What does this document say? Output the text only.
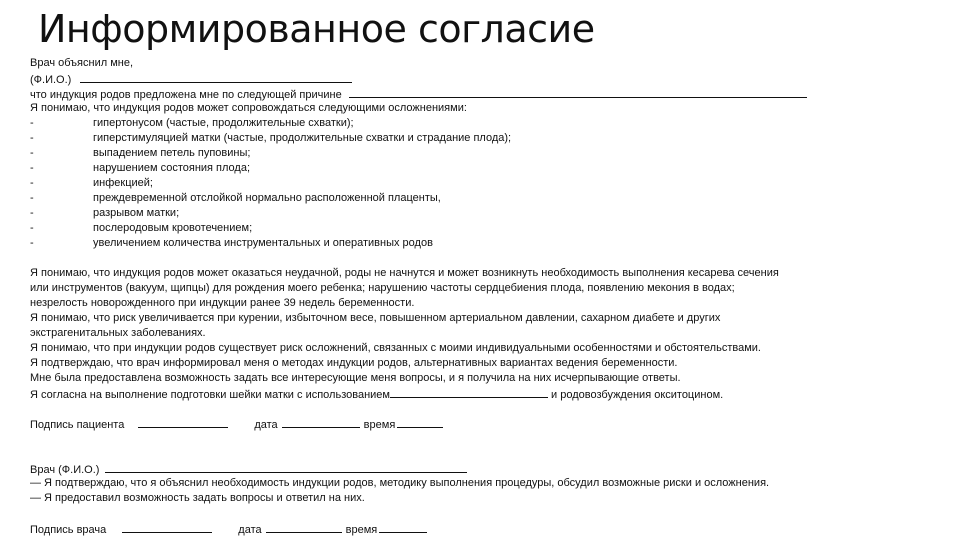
Информированное согласие
Врач объяснил мне,
(Ф.И.О.)
что индукция родов предложена мне по следующей причине
Я понимаю, что индукция родов может сопровождаться следующими осложнениями:
-	гипертонусом (частые, продолжительные схватки);
-	гиперстимуляцией матки (частые, продолжительные схватки и страдание плода);
-	выпадением петель пуповины;
-	нарушением состояния плода;
-	инфекцией;
-	преждевременной отслойкой нормально расположенной плаценты,
-	разрывом матки;
-	послеродовым кровотечением;
-	увеличением количества инструментальных и оперативных родов
Я понимаю, что индукция родов может оказаться неудачной, роды не начнутся и может возникнуть необходимость выполнения кесарева сечения
или инструментов (вакуум, щипцы) для рождения моего ребенка; нарушению частоты сердцебиения плода, появлению мекония в водах;
незрелость новорожденного при индукции ранее 39 недель беременности.
Я понимаю, что риск увеличивается при курении, избыточном весе, повышенном артериальном давлении, сахарном диабете и других
экстрагенитальных заболеваниях.
Я понимаю, что при индукции родов существует риск осложнений, связанных с моими индивидуальными особенностями и обстоятельствами.
Я подтверждаю, что врач информировал меня о методах индукции родов, альтернативных вариантах ведения беременности.
Мне была предоставлена возможность задать все интересующие меня вопросы, и я получила на них исчерпывающие ответы.
Я согласна на выполнение подготовки шейки матки с использованием	и родовозбуждения окситоцином.
Подпись пациента	дата	время
Врач (Ф.И.О.)
— Я подтверждаю, что я объяснил необходимость индукции родов, методику выполнения процедуры, обсудил возможные риски и осложнения.
— Я предоставил возможность задать вопросы и ответил на них.
Подпись врача	дата	время
